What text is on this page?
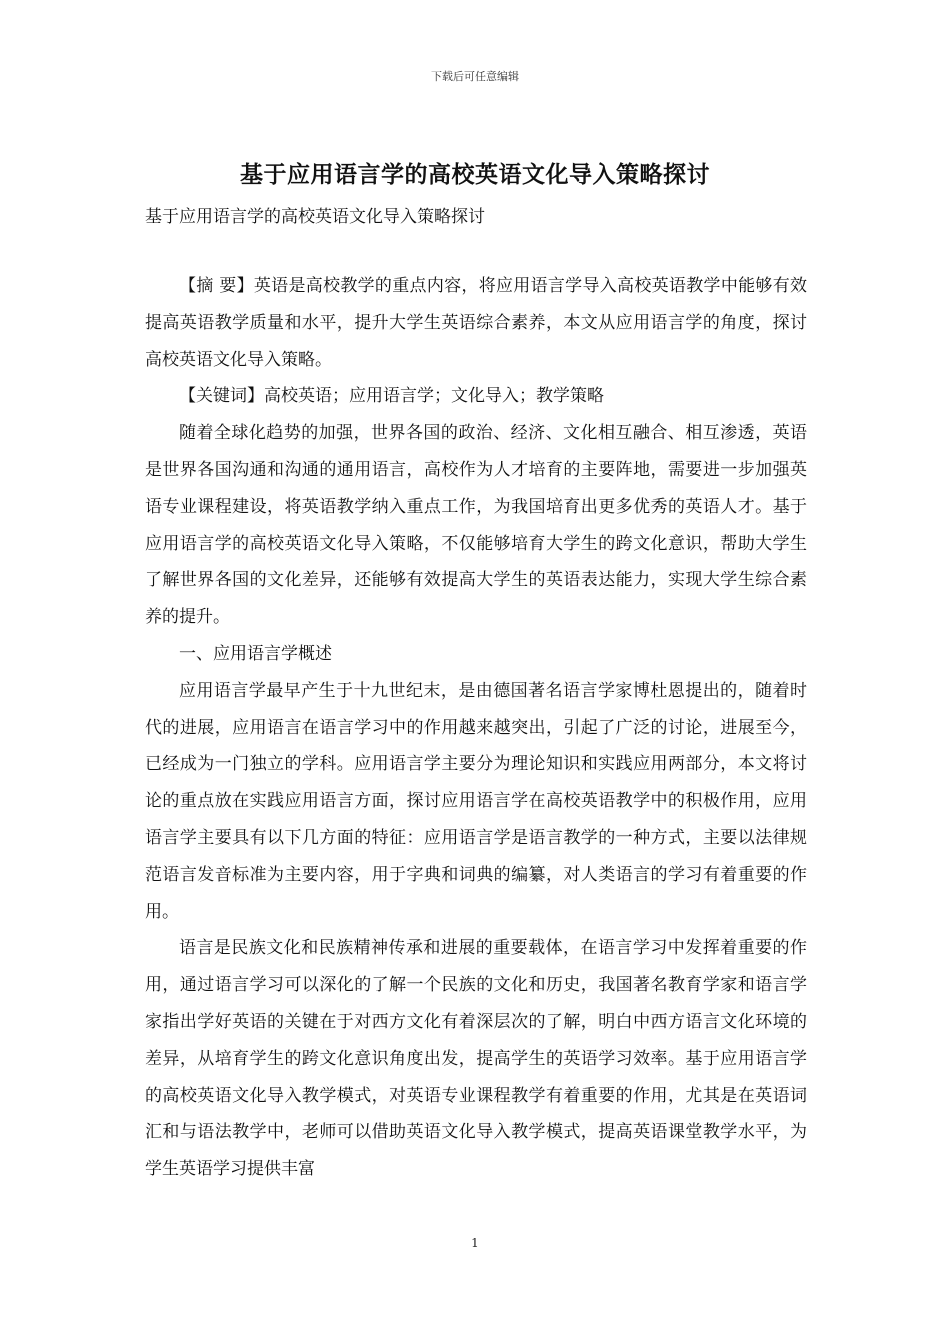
下载后可任意编辑
基于应用语言学的高校英语文化导入策略探讨
基于应用语言学的高校英语文化导入策略探讨

【摘 要】英语是高校教学的重点内容，将应用语言学导入高校英语教学中能够有效提高英语教学质量和水平，提升大学生英语综合素养，本文从应用语言学的角度，探讨高校英语文化导入策略。

【关键词】高校英语；应用语言学；文化导入；教学策略

随着全球化趋势的加强，世界各国的政治、经济、文化相互融合、相互渗透，英语是世界各国沟通和沟通的通用语言，高校作为人才培育的主要阵地，需要进一步加强英语专业课程建设，将英语教学纳入重点工作，为我国培育出更多优秀的英语人才。基于应用语言学的高校英语文化导入策略，不仅能够培育大学生的跨文化意识，帮助大学生了解世界各国的文化差异，还能够有效提高大学生的英语表达能力，实现大学生综合素养的提升。

一、应用语言学概述

应用语言学最早产生于十九世纪末，是由德国著名语言学家博杜恩提出的，随着时代的进展，应用语言在语言学习中的作用越来越突出，引起了广泛的讨论，进展至今，已经成为一门独立的学科。应用语言学主要分为理论知识和实践应用两部分，本文将讨论的重点放在实践应用语言方面，探讨应用语言学在高校英语教学中的积极作用，应用语言学主要具有以下几方面的特征：应用语言学是语言教学的一种方式，主要以法律规范语言发音标准为主要内容，用于字典和词典的编纂，对人类语言的学习有着重要的作用。

语言是民族文化和民族精神传承和进展的重要载体，在语言学习中发挥着重要的作用，通过语言学习可以深化的了解一个民族的文化和历史，我国著名教育学家和语言学家指出学好英语的关键在于对西方文化有着深层次的了解，明白中西方语言文化环境的差异，从培育学生的跨文化意识角度出发，提高学生的英语学习效率。基于应用语言学的高校英语文化导入教学模式，对英语专业课程教学有着重要的作用，尤其是在英语词汇和与语法教学中，老师可以借助英语文化导入教学模式，提高英语课堂教学水平，为学生英语学习提供丰富

1
